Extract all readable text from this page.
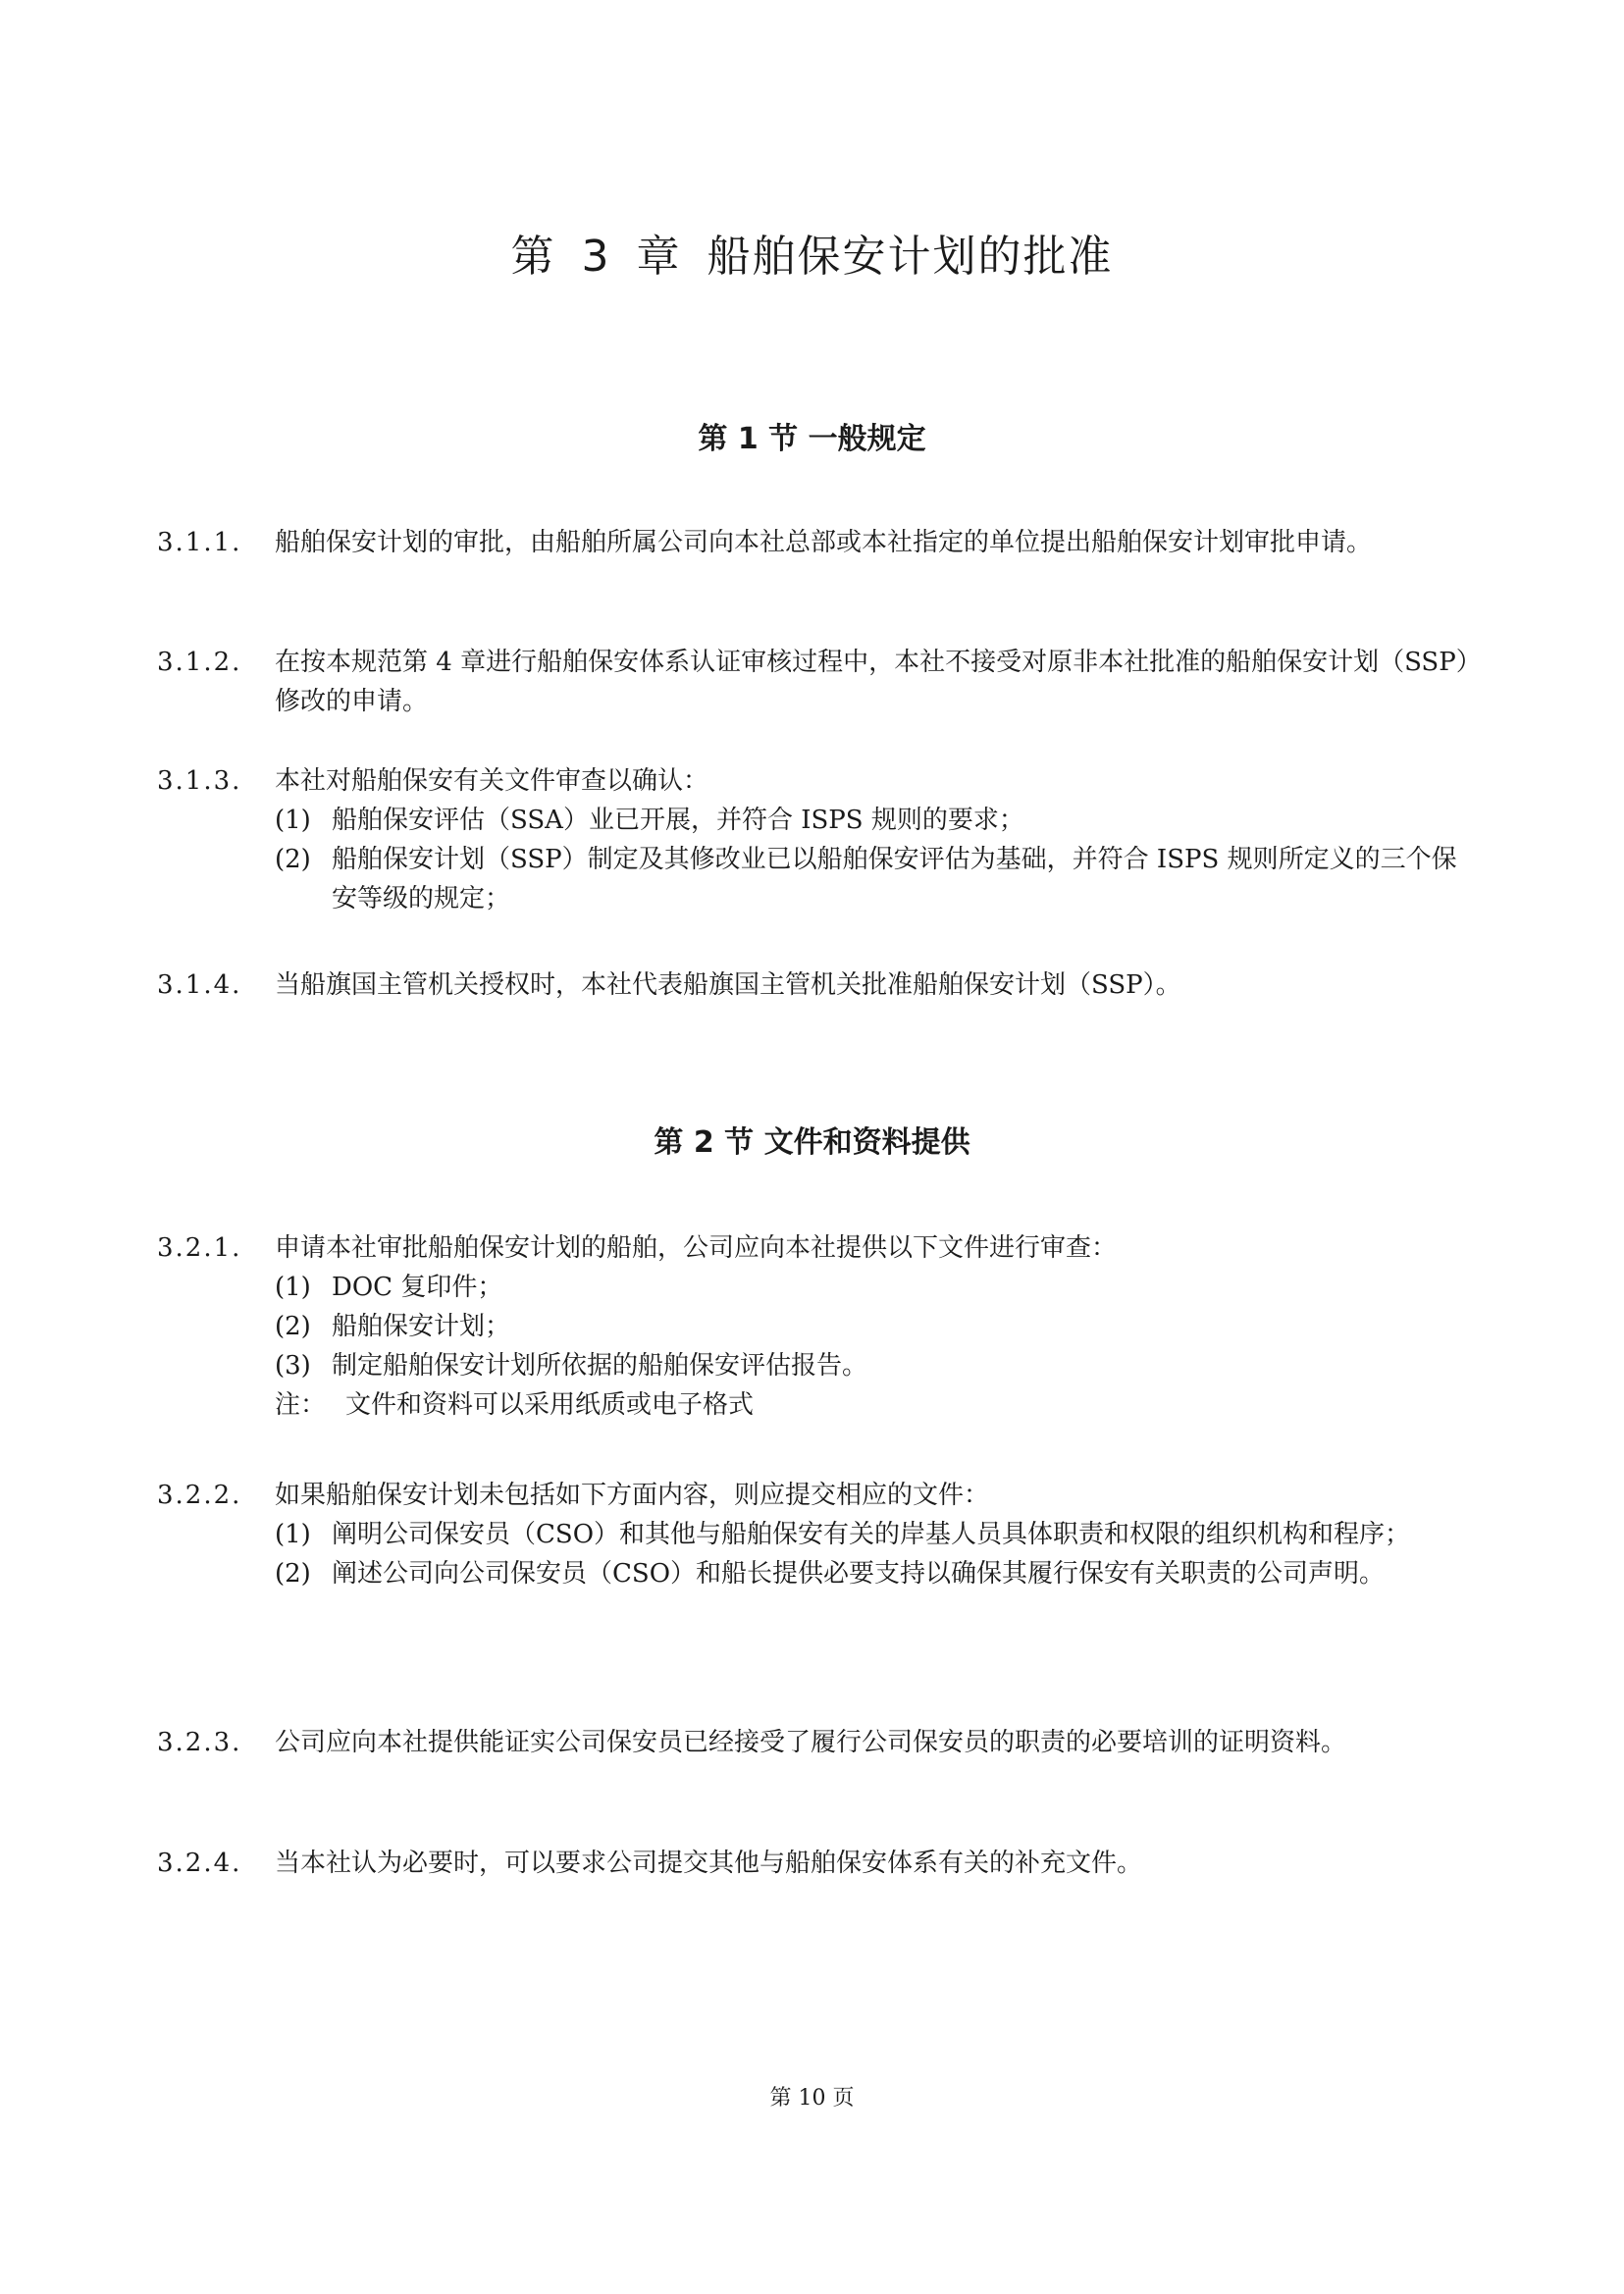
第 3 章 船舶保安计划的批准
第 1 节 一般规定
3.1.1.	船舶保安计划的审批，由船舶所属公司向本社总部或本社指定的单位提出船舶保安计划审批申请。
3.1.2.	在按本规范第 4 章进行船舶保安体系认证审核过程中，本社不接受对原非本社批准的船舶保安计划（SSP）修改的申请。
3.1.3.	本社对船舶保安有关文件审查以确认：
(1) 船舶保安评估（SSA）业已开展，并符合 ISPS 规则的要求；
(2) 船舶保安计划（SSP）制定及其修改业已以船舶保安评估为基础，并符合 ISPS 规则所定义的三个保安等级的规定；
3.1.4.	当船旗国主管机关授权时，本社代表船旗国主管机关批准船舶保安计划（SSP）。
第 2 节 文件和资料提供
3.2.1.	申请本社审批船舶保安计划的船舶，公司应向本社提供以下文件进行审查：
(1) DOC 复印件；
(2) 船舶保安计划；
(3) 制定船舶保安计划所依据的船舶保安评估报告。
注： 文件和资料可以采用纸质或电子格式
3.2.2.	如果船舶保安计划未包括如下方面内容，则应提交相应的文件：
(1) 阐明公司保安员（CSO）和其他与船舶保安有关的岸基人员具体职责和权限的组织机构和程序；
(2) 阐述公司向公司保安员（CSO）和船长提供必要支持以确保其履行保安有关职责的公司声明。
3.2.3.	公司应向本社提供能证实公司保安员已经接受了履行公司保安员的职责的必要培训的证明资料。
3.2.4.	当本社认为必要时，可以要求公司提交其他与船舶保安体系有关的补充文件。
第 10 页
